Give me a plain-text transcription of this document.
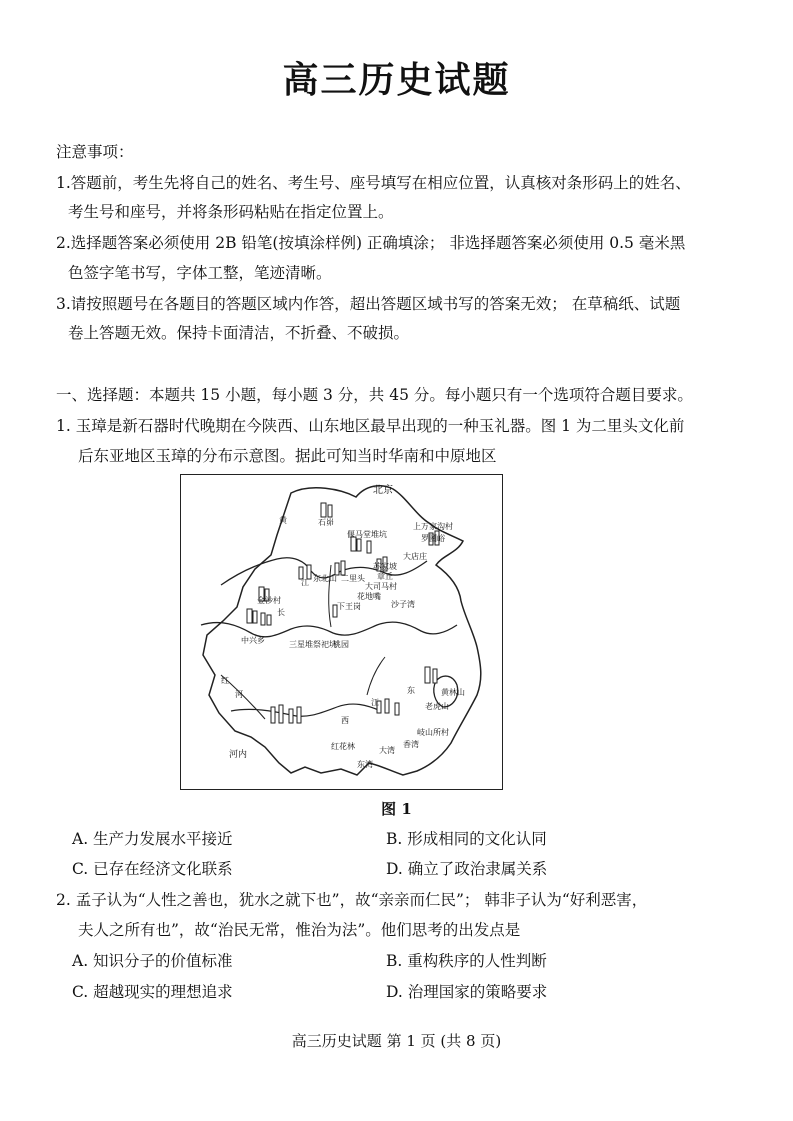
高三历史试题
注意事项：
1.答题前，考生先将自己的姓名、考生号、座号填写在相应位置，认真核对条形码上的姓名、
考生号和座号，并将条形码粘贴在指定位置上。
2.选择题答案必须使用 2B 铅笔(按填涂样例) 正确填涂； 非选择题答案必须使用 0.5 毫米黑
色签字笔书写，字体工整，笔迹清晰。
3.请按照题号在各题目的答题区域内作答，超出答题区域书写的答案无效； 在草稿纸、试题
卷上答题无效。保持卡面清洁，不折叠、不破损。
一、选择题：本题共 15 小题，每小题 3 分，共 45 分。每小题只有一个选项符合题目要求。
1. 玉璋是新石器时代晚期在今陕西、山东地区最早出现的一种玉礼器。图 1 为二里头文化前
后东亚地区玉璋的分布示意图。据此可知当时华南和中原地区
北京
石峁
黄
偃马堂堆坑
上万家沟村
罗圈峪
大店庄
东北山 二里头
苏家坡
章丘
大司马村
花地嘴
下王岗	沙子湾
江
长
金沙村
中兴乡	三星堆祭祀坑
桃园
红
河
西
江
东	黄林山
老虎山
岐山所村
香湾
红花林	大湾
东湾
河内
图 1
A. 生产力发展水平接近	B. 形成相同的文化认同
C. 已存在经济文化联系	D. 确立了政治隶属关系
2. 孟子认为“人性之善也，犹水之就下也”，故“亲亲而仁民”； 韩非子认为“好利恶害，
夫人之所有也”，故“治民无常，惟治为法”。他们思考的出发点是
A. 知识分子的价值标准	B. 重构秩序的人性判断
C. 超越现实的理想追求	D. 治理国家的策略要求
高三历史试题 第 1 页 (共 8 页)
